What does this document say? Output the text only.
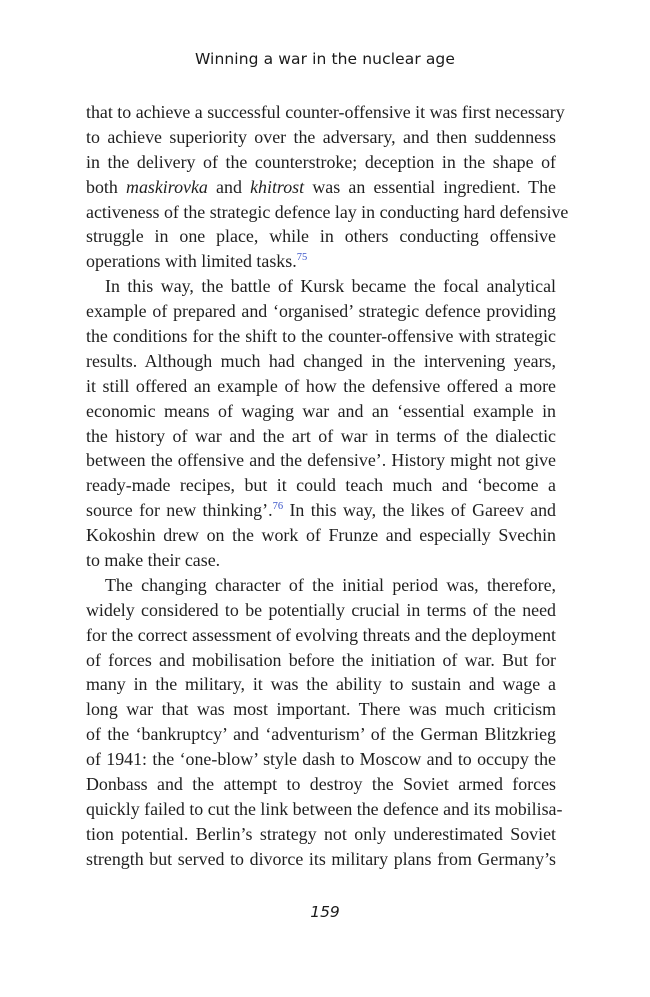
Winning a war in the nuclear age
that to achieve a successful counter-offensive it was first necessary
to achieve superiority over the adversary, and then suddenness
in the delivery of the counterstroke; deception in the shape of
both maskirovka and khitrost was an essential ingredient. The
activeness of the strategic defence lay in conducting hard defensive
struggle in one place, while in others conducting offensive
operations with limited tasks.$^{75}$
In this way, the battle of Kursk became the focal analytical
example of prepared and ‘organised’ strategic defence providing
the conditions for the shift to the counter-offensive with strategic
results. Although much had changed in the intervening years,
it still offered an example of how the defensive offered a more
economic means of waging war and an ‘essential example in
the history of war and the art of war in terms of the dialectic
between the offensive and the defensive’. History might not give
ready-made recipes, but it could teach much and ‘become a
source for new thinking’.$^{76}$ In this way, the likes of Gareev and
Kokoshin drew on the work of Frunze and especially Svechin
to make their case.
The changing character of the initial period was, therefore,
widely considered to be potentially crucial in terms of the need
for the correct assessment of evolving threats and the deployment
of forces and mobilisation before the initiation of war. But for
many in the military, it was the ability to sustain and wage a
long war that was most important. There was much criticism
of the ‘bankruptcy’ and ‘adventurism’ of the German Blitzkrieg
of 1941: the ‘one-blow’ style dash to Moscow and to occupy the
Donbass and the attempt to destroy the Soviet armed forces
quickly failed to cut the link between the defence and its mobilisa-
tion potential. Berlin’s strategy not only underestimated Soviet
strength but served to divorce its military plans from Germany’s
159
